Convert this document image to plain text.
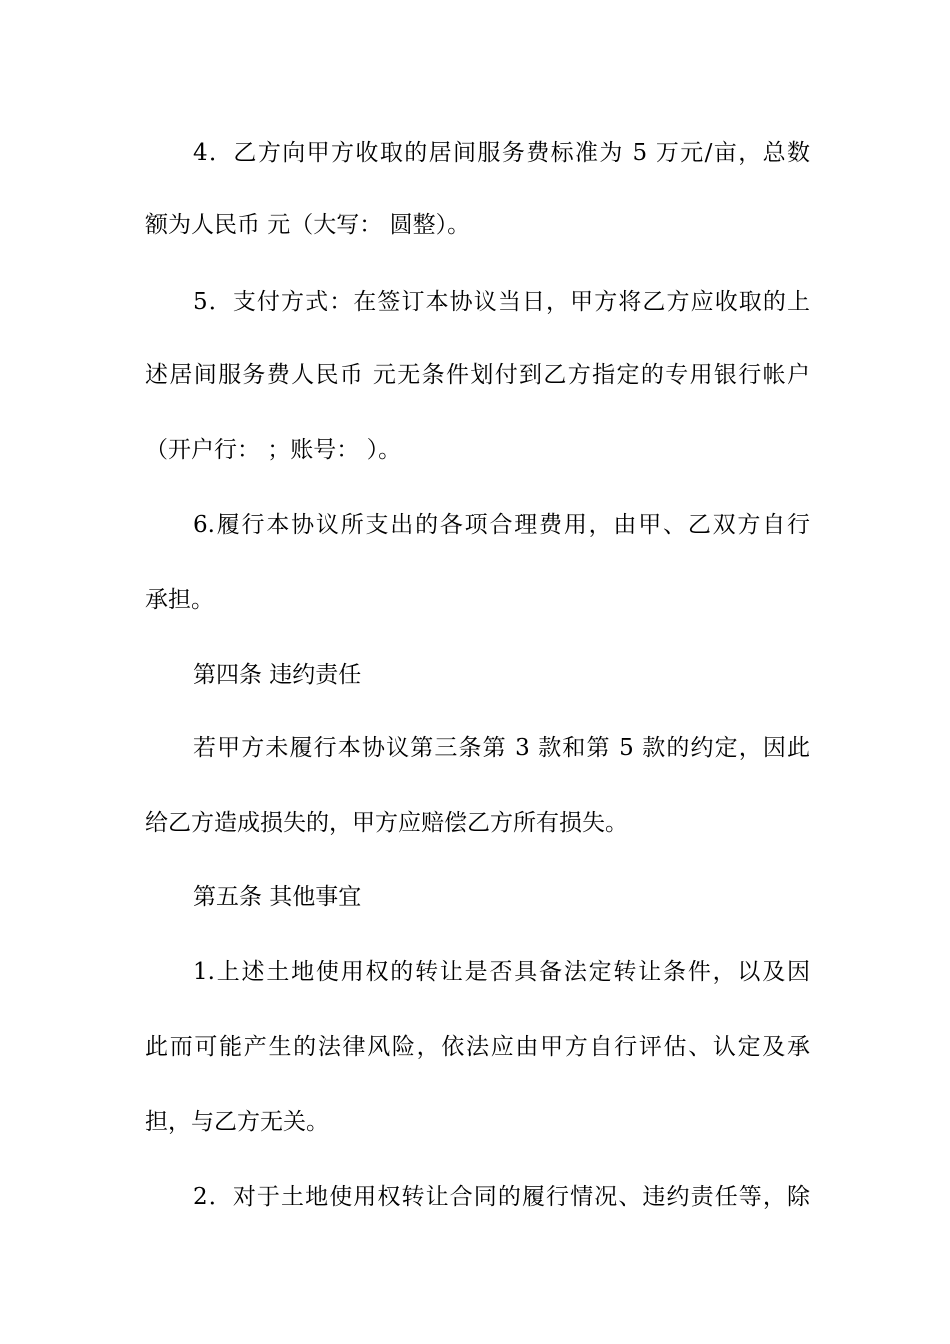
4．乙方向甲方收取的居间服务费标准为 5 万元/亩，总数
额为人民币 元（大写： 圆整）。
5．支付方式：在签订本协议当日，甲方将乙方应收取的上
述居间服务费人民币 元无条件划付到乙方指定的专用银行帐户
（开户行： ；账号： ）。
6.履行本协议所支出的各项合理费用，由甲、乙双方自行
承担。
第四条 违约责任
若甲方未履行本协议第三条第 3 款和第 5 款的约定，因此
给乙方造成损失的，甲方应赔偿乙方所有损失。
第五条 其他事宜
1.上述土地使用权的转让是否具备法定转让条件，以及因
此而可能产生的法律风险，依法应由甲方自行评估、认定及承
担，与乙方无关。
2．对于土地使用权转让合同的履行情况、违约责任等，除
